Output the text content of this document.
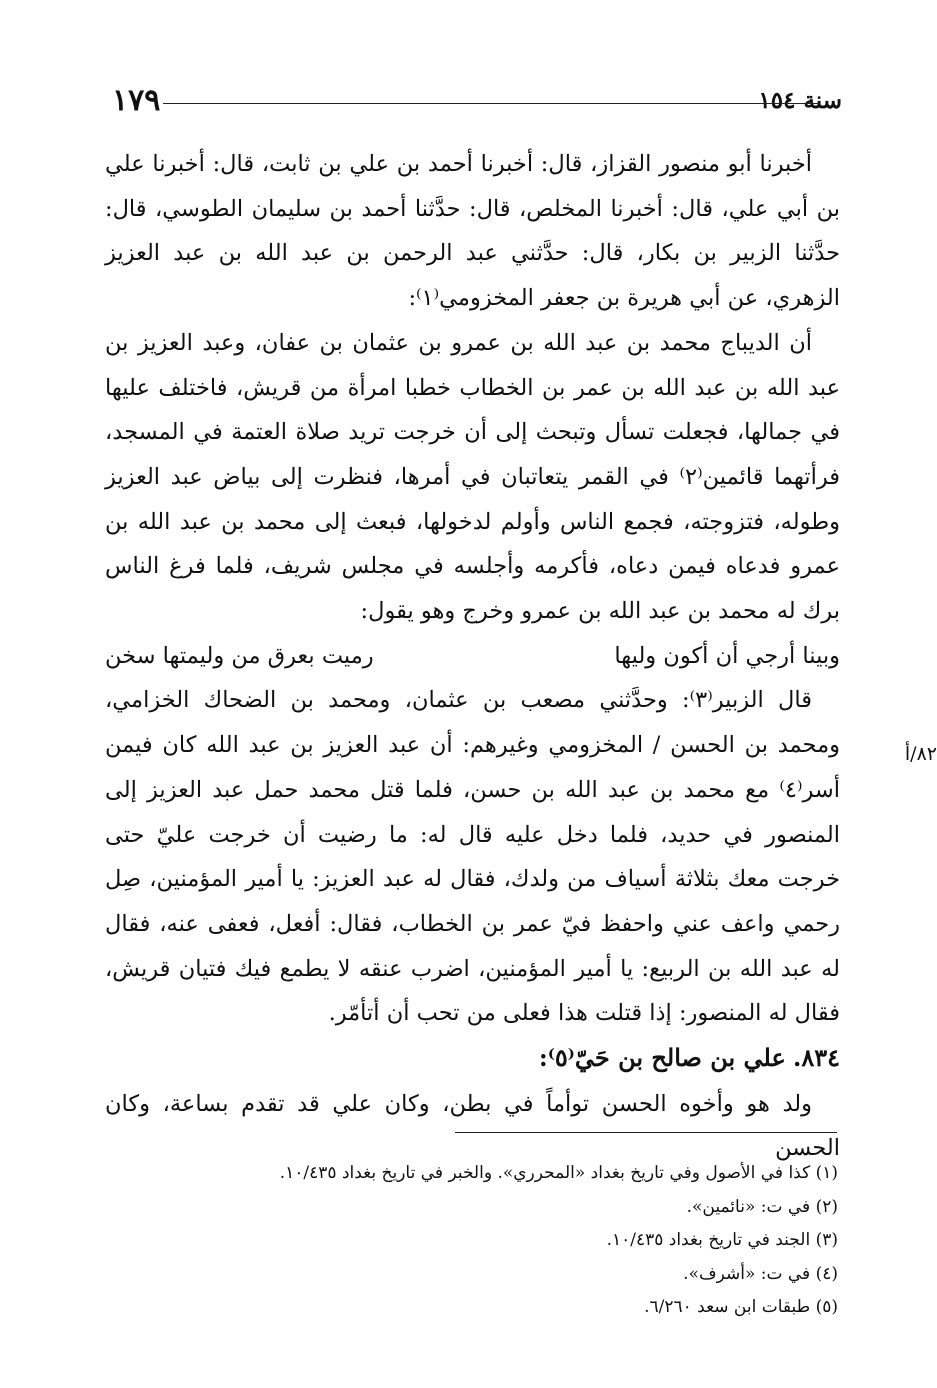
١٧٩	سنة ١٥٤

أخبرنا أبو منصور القزاز، قال: أخبرنا أحمد بن علي بن ثابت، قال: أخبرنا علي بن أبي علي، قال: أخبرنا المخلص، قال: حدَّثنا أحمد بن سليمان الطوسي، قال: حدَّثنا الزبير بن بكار، قال: حدَّثني عبد الرحمن بن عبد الله بن عبد العزيز الزهري، عن أبي هريرة بن جعفر المخزومي⁽١⁾:

أن الديباج محمد بن عبد الله بن عمرو بن عثمان بن عفان، وعبد العزيز بن عبد الله بن عبد الله بن عمر بن الخطاب خطبا امرأة من قريش، فاختلف عليها في جمالها، فجعلت تسأل وتبحث إلى أن خرجت تريد صلاة العتمة في المسجد، فرأتهما قائمين⁽٢⁾ في القمر يتعاتبان في أمرها، فنظرت إلى بياض عبد العزيز وطوله، فتزوجته، فجمع الناس وأولم لدخولها، فبعث إلى محمد بن عبد الله بن عمرو فدعاه فيمن دعاه، فأكرمه وأجلسه في مجلس شريف، فلما فرغ الناس برك له محمد بن عبد الله بن عمرو وخرج وهو يقول:

وبينا أرجي أن أكون وليها
رميت بعرق من وليمتها سخن

قال الزبير⁽٣⁾: وحدَّثني مصعب بن عثمان، ومحمد بن الضحاك الخزامي، ومحمد بن الحسن / المخزومي وغيرهم: أن عبد العزيز بن عبد الله كان فيمن أسر⁽٤⁾ مع محمد بن عبد الله بن حسن، فلما قتل محمد حمل عبد العزيز إلى المنصور في حديد، فلما دخل عليه قال له: ما رضيت أن خرجت عليّ حتى خرجت معك بثلاثة أسياف من ولدك، فقال له عبد العزيز: يا أمير المؤمنين، صِل رحمي واعف عني واحفظ فيّ عمر بن الخطاب، فقال: أفعل، فعفى عنه، فقال له عبد الله بن الربيع: يا أمير المؤمنين، اضرب عنقه لا يطمع فيك فتيان قريش، فقال له المنصور: إذا قتلت هذا فعلى من تحب أن أتأمّر.

٨٣٤. علي بن صالح بن حَيّ⁽٥⁾:

ولد هو وأخوه الحسن توأماً في بطن، وكان علي قد تقدم بساعة، وكان الحسن

٨٢/أ
(١) كذا في الأصول وفي تاريخ بغداد «المحرري». والخبر في تاريخ بغداد ١٠/٤٣٥.
(٢) في ت: «نائمين».
(٣) الجند في تاريخ بغداد ١٠/٤٣٥.
(٤) في ت: «أشرف».
(٥) طبقات ابن سعد ٦/٢٦٠.
